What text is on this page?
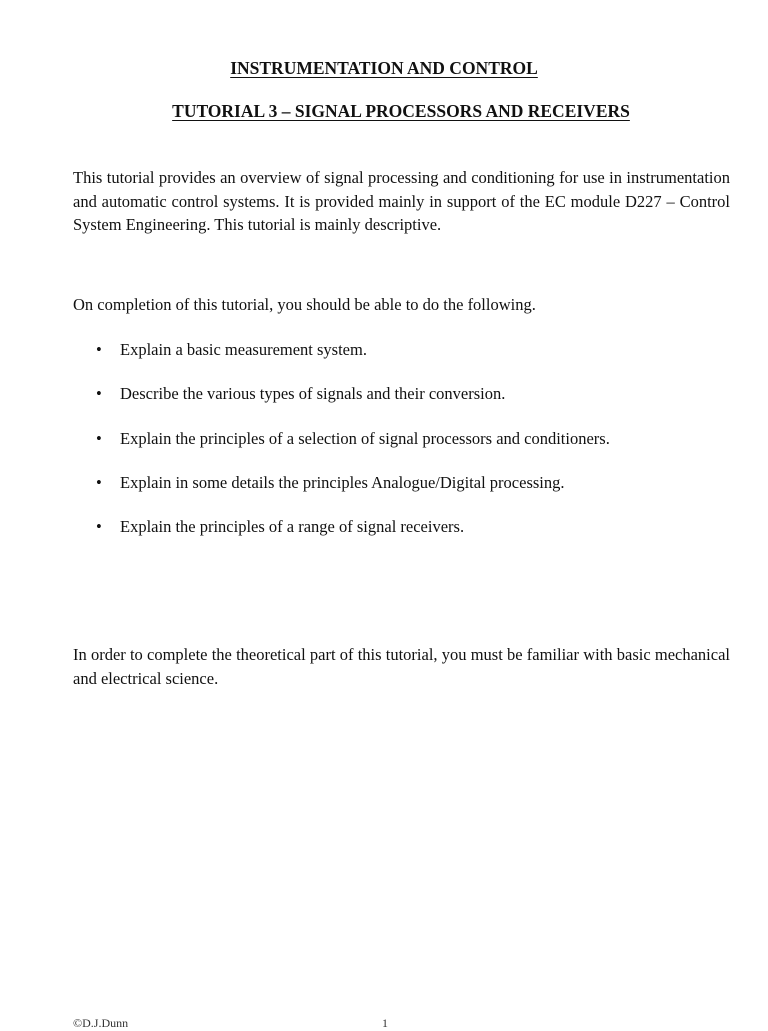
INSTRUMENTATION AND CONTROL
TUTORIAL 3 – SIGNAL PROCESSORS AND RECEIVERS

This tutorial provides an overview of signal processing and conditioning for use in instrumentation and automatic control systems. It is provided mainly in support of the EC module D227 – Control System Engineering. This tutorial is mainly descriptive.

On completion of this tutorial, you should be able to do the following.

• Explain a basic measurement system.
• Describe the various types of signals and their conversion.
• Explain the principles of a selection of signal processors and conditioners.
• Explain in some details the principles Analogue/Digital processing.
• Explain the principles of a range of signal receivers.

In order to complete the theoretical part of this tutorial, you must be familiar with basic mechanical and electrical science.

©D.J.Dunn	1
